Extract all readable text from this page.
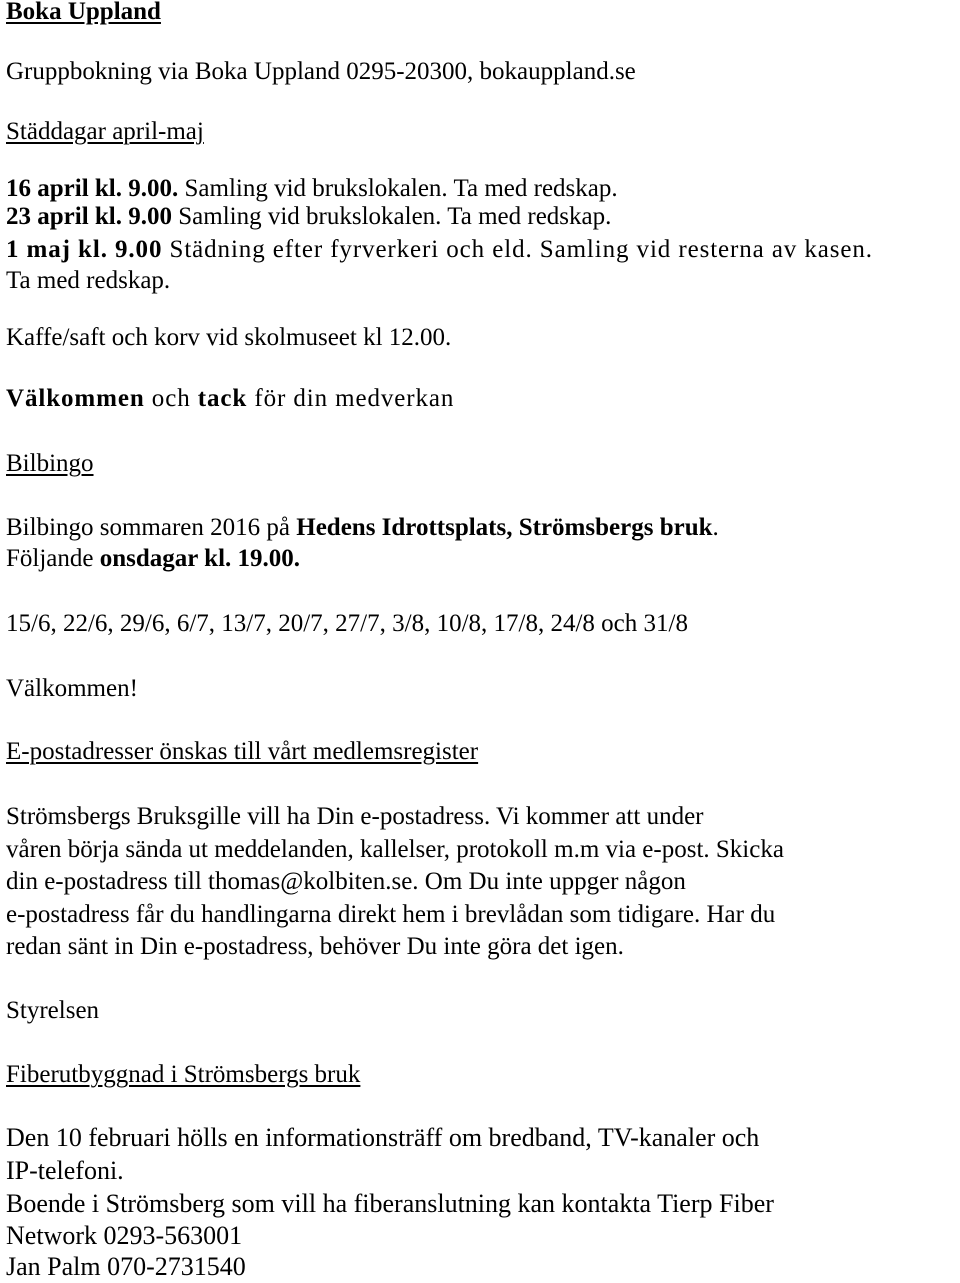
Boka Uppland
Gruppbokning via Boka Uppland 0295-20300, bokauppland.se
Städdagar april-maj
16 april kl. 9.00. Samling vid brukslokalen. Ta med redskap.
23 april kl. 9.00 Samling vid brukslokalen. Ta med redskap.
1 maj kl. 9.00 Städning efter fyrverkeri och eld. Samling vid resterna av kasen.
Ta med redskap.
Kaffe/saft och korv vid skolmuseet kl 12.00.
Välkommen och tack för din medverkan
Bilbingo
Bilbingo sommaren 2016 på Hedens Idrottsplats, Strömsbergs bruk.
Följande onsdagar kl. 19.00.
15/6, 22/6, 29/6, 6/7, 13/7, 20/7, 27/7, 3/8, 10/8, 17/8, 24/8 och 31/8
Välkommen!
E-postadresser önskas till vårt medlemsregister
Strömsbergs Bruksgille vill ha Din e-postadress. Vi kommer att under
våren börja sända ut meddelanden, kallelser, protokoll m.m via e-post. Skicka
din e-postadress till thomas@kolbiten.se. Om Du inte uppger någon
e-postadress får du handlingarna direkt hem i brevlådan som tidigare. Har du
redan sänt in Din e-postadress, behöver Du inte göra det igen.
Styrelsen
Fiberutbyggnad i Strömsbergs bruk
Den 10 februari hölls en informationsträff om bredband, TV-kanaler och
IP-telefoni.
Boende i Strömsberg som vill ha fiberanslutning kan kontakta Tierp Fiber
Network 0293-563001
Jan Palm 070-2731540
